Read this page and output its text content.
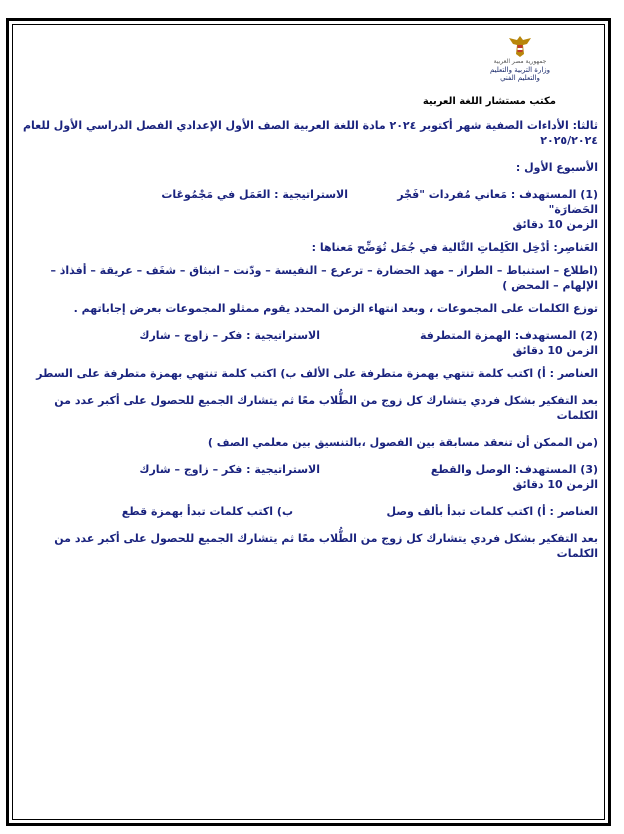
جمهورية مصر العربية
وزارة التربية والتعليم
والتعليم الفني

مكتب مستشار اللغة العربية

ثالثا: الأداءات الصفية شهر أكتوبر ٢٠٢٤ مادة اللغة العربية الصف الأول الإعدادي الفصل الدراسي الأول للعام ٢٠٢٥/٢٠٢٤

الأسبوع الأول :

(1) المستهدف : مَعاني مُفردات "فَجْر الحَضارَة"
الاستراتيجية : العَمَل في مَجْمُوعَات

الزمن 10 دقائق

العَناصِر: أدْخِل الكَلِماتِ التَّالية في جُمَل تُوَضِّح مَعناها :

(اطلاع – استنباط – الطراز – مهد الحضارة – ترعرع – النفيسة – ودّنت – انبثاق – شغَف – عريقة – أفذاذ – الإلهام – المحض )

توزع الكلمات على المجموعات ، وبعد انتهاء الزمن المحدد يقوم ممثلو المجموعات بعرض إجاباتهم .

(2) المستهدف: الهمزة المتطرفة
الاستراتيجية : فكر – زاوج – شارك

الزمن 10 دقائق

العناصر : أ) اكتب كلمة تنتهي بهمزة متطرفة على الألف ب) اكتب كلمة تنتهي بهمزة متطرفة على السطر

بعد التفكير بشكل فردي يتشارك كل زوج من الطُّلاب معًا ثم يتشارك الجميع للحصول على أكبر عدد من الكلمات

(من الممكن أن تنعقد مسابقة بين الفصول ،بالتنسيق بين معلمي الصف )

(3) المستهدف: الوصل والقطع
الاستراتيجية : فكر – زاوج – شارك

الزمن 10 دقائق

العناصر : أ) اكتب كلمات تبدأ بألف وصل
ب) اكتب كلمات تبدأ بهمزة قطع

بعد التفكير بشكل فردي يتشارك كل زوج من الطُّلاب معًا ثم يتشارك الجميع للحصول على أكبر عدد من الكلمات
